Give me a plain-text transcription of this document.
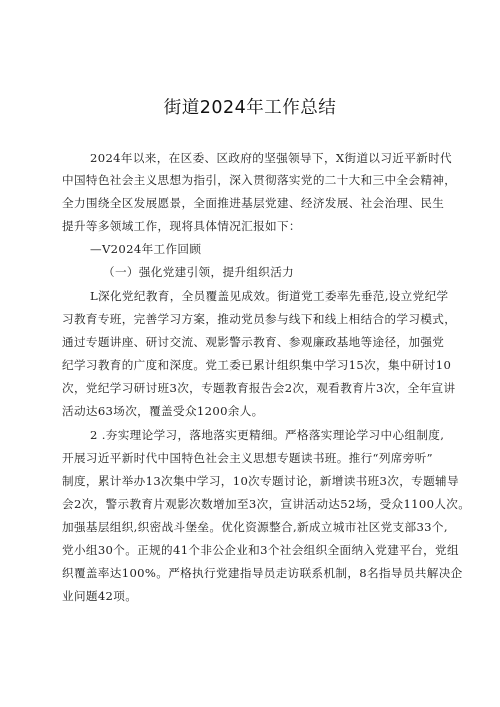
街道2024年工作总结
2024年以来，在区委、区政府的坚强领导下，X街道以习近平新时代
中国特色社会主义思想为指引，深入贯彻落实党的二十大和三中全会精神，
全力围绕全区发展愿景，全面推进基层党建、经济发展、社会治理、民生
提升等多领域工作，现将具体情况汇报如下：
—V2024年工作回顾
（一）强化党建引领，提升组织活力
L深化党纪教育，全员覆盖见成效。街道党工委率先垂范,设立党纪学
习教育专班，完善学习方案，推动党员参与线下和线上相结合的学习模式，
通过专题讲座、研讨交流、观影警示教育、参观廉政基地等途径，加强党
纪学习教育的广度和深度。党工委已累计组织集中学习15次，集中研讨10
次，党纪学习研讨班3次，专题教育报告会2次，观看教育片3次，全年宣讲
活动达63场次，覆盖受众1200余人。
2 .夯实理论学习，落地落实更精细。严格落实理论学习中心组制度,
开展习近平新时代中国特色社会主义思想专题读书班。推行“列席旁听”
制度，累计举办13次集中学习，10次专题讨论，新增读书班3次，专题辅导
会2次，警示教育片观影次数增加至3次，宣讲活动达52场，受众1100人次。
加强基层组织,织密战斗堡垒。优化资源整合,新成立城市社区党支部33个,
党小组30个。正规的41个非公企业和3个社会组织全面纳入党建平台，党组
织覆盖率达100%。严格执行党建指导员走访联系机制，8名指导员共解决企
业问题42项。
